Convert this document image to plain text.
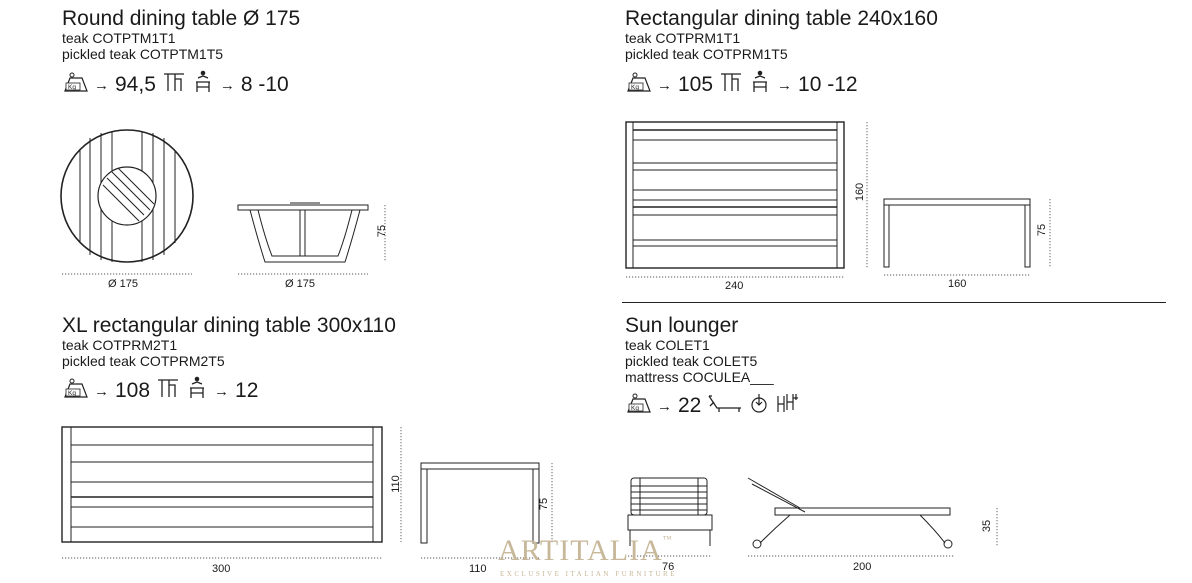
Round dining table Ø 175
teak COTPTM1T1
pickled teak COTPTM1T5
Kg → 94,5	→ 8 -10
Rectangular dining table 240x160
teak COTPRM1T1
pickled teak COTPRM1T5
Kg → 105	→ 10 -12
XL rectangular dining table 300x110
teak COTPRM2T1
pickled teak COTPRM2T5
Kg → 108	→ 12
Sun lounger
teak COLET1
pickled teak COLET5
mattress COCULEA___
Kg → 22
Ø 175	Ø 175
75
240
160
160
75
300
110
110
75
76	200
35
ARTITALIA™
EXCLUSIVE ITALIAN FURNITURE
